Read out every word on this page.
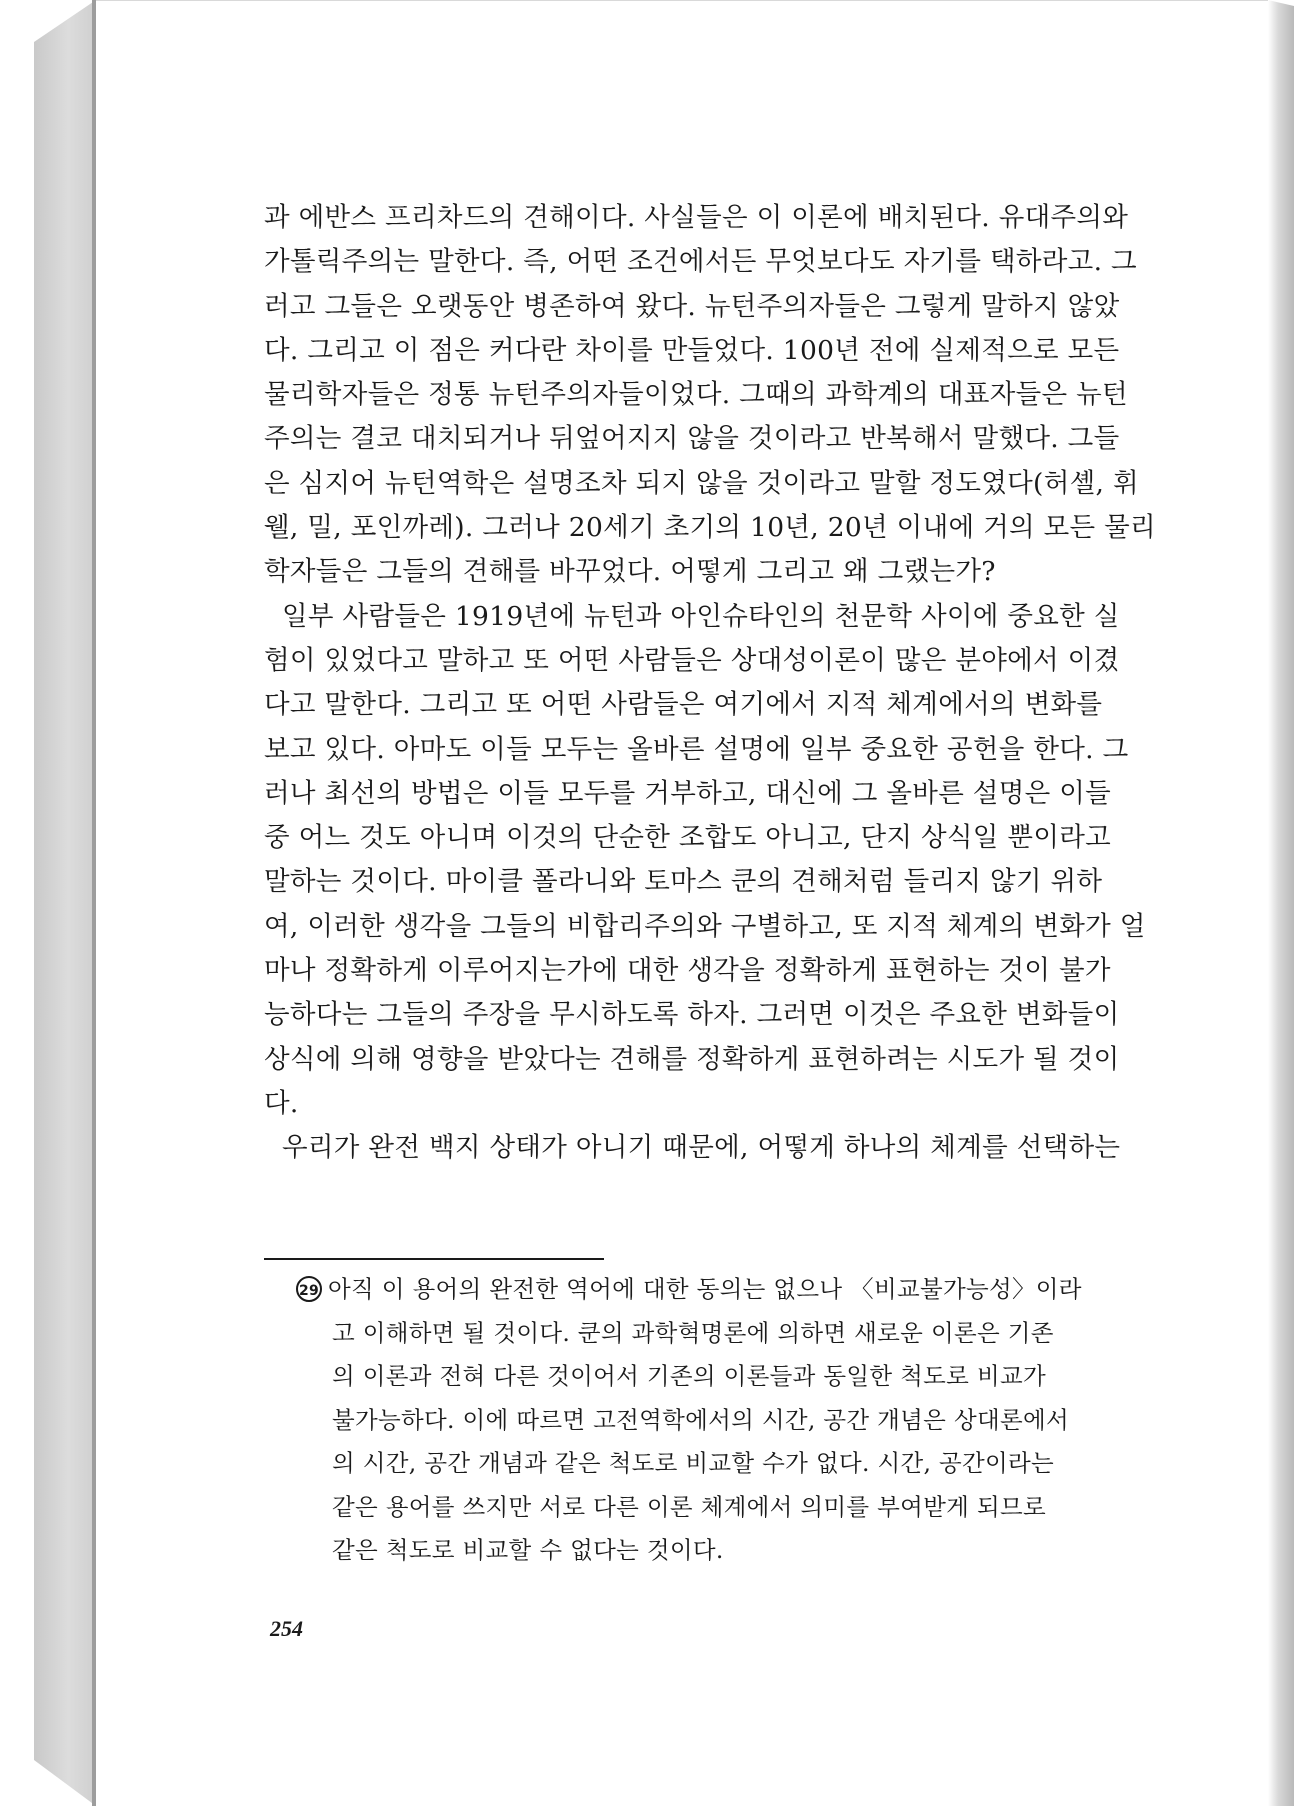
과 에반스 프리차드의 견해이다. 사실들은 이 이론에 배치된다. 유대주의와
가톨릭주의는 말한다. 즉, 어떤 조건에서든 무엇보다도 자기를 택하라고. 그
러고 그들은 오랫동안 병존하여 왔다. 뉴턴주의자들은 그렇게 말하지 않았
다. 그리고 이 점은 커다란 차이를 만들었다. 100년 전에 실제적으로 모든
물리학자들은 정통 뉴턴주의자들이었다. 그때의 과학계의 대표자들은 뉴턴
주의는 결코 대치되거나 뒤엎어지지 않을 것이라고 반복해서 말했다. 그들
은 심지어 뉴턴역학은 설명조차 되지 않을 것이라고 말할 정도였다(허셸, 휘
웰, 밀, 포인까레). 그러나 20세기 초기의 10년, 20년 이내에 거의 모든 물리
학자들은 그들의 견해를 바꾸었다. 어떻게 그리고 왜 그랬는가?
일부 사람들은 1919년에 뉴턴과 아인슈타인의 천문학 사이에 중요한 실
험이 있었다고 말하고 또 어떤 사람들은 상대성이론이 많은 분야에서 이겼
다고 말한다. 그리고 또 어떤 사람들은 여기에서 지적 체계에서의 변화를
보고 있다. 아마도 이들 모두는 올바른 설명에 일부 중요한 공헌을 한다. 그
러나 최선의 방법은 이들 모두를 거부하고, 대신에 그 올바른 설명은 이들
중 어느 것도 아니며 이것의 단순한 조합도 아니고, 단지 상식일 뿐이라고
말하는 것이다. 마이클 폴라니와 토마스 쿤의 견해처럼 들리지 않기 위하
여, 이러한 생각을 그들의 비합리주의와 구별하고, 또 지적 체계의 변화가 얼
마나 정확하게 이루어지는가에 대한 생각을 정확하게 표현하는 것이 불가
능하다는 그들의 주장을 무시하도록 하자. 그러면 이것은 주요한 변화들이
상식에 의해 영향을 받았다는 견해를 정확하게 표현하려는 시도가 될 것이
다.
우리가 완전 백지 상태가 아니기 때문에, 어떻게 하나의 체계를 선택하는
29 아직 이 용어의 완전한 역어에 대한 동의는 없으나 〈비교불가능성〉이라
고 이해하면 될 것이다. 쿤의 과학혁명론에 의하면 새로운 이론은 기존
의 이론과 전혀 다른 것이어서 기존의 이론들과 동일한 척도로 비교가
불가능하다. 이에 따르면 고전역학에서의 시간, 공간 개념은 상대론에서
의 시간, 공간 개념과 같은 척도로 비교할 수가 없다. 시간, 공간이라는
같은 용어를 쓰지만 서로 다른 이론 체계에서 의미를 부여받게 되므로
같은 척도로 비교할 수 없다는 것이다.
254
